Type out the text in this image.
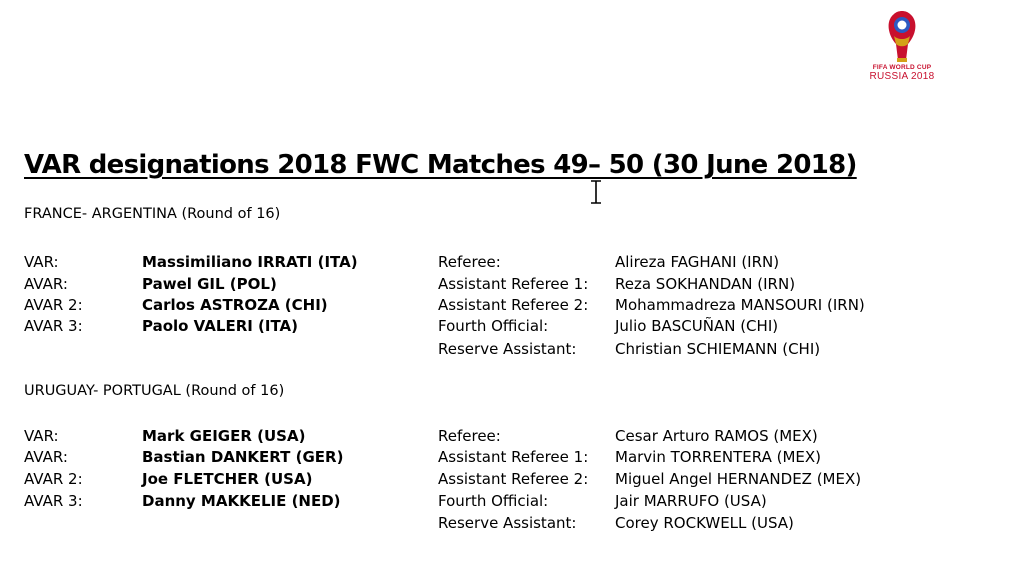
FIFA WORLD CUP
RUSSIA 2018
VAR designations 2018 FWC Matches 49– 50 (30 June 2018)
FRANCE- ARGENTINA (Round of 16)
VAR:	Massimiliano IRRATI (ITA)	Referee:	Alireza FAGHANI (IRN)
AVAR:	Pawel GIL (POL)	Assistant Referee 1: Reza SOKHANDAN (IRN)
AVAR 2:	Carlos ASTROZA (CHI)	Assistant Referee 2: Mohammadreza MANSOURI (IRN)
AVAR 3:	Paolo VALERI (ITA)	Fourth Official:	Julio BASCUÑAN (CHI)
Reserve Assistant:	Christian SCHIEMANN (CHI)
URUGUAY- PORTUGAL (Round of 16)
VAR:	Mark GEIGER (USA)	Referee:	Cesar Arturo RAMOS (MEX)
AVAR:	Bastian DANKERT (GER)	Assistant Referee 1: Marvin TORRENTERA (MEX)
AVAR 2:	Joe FLETCHER (USA)	Assistant Referee 2: Miguel Angel HERNANDEZ (MEX)
AVAR 3:	Danny MAKKELIE (NED)	Fourth Official:	Jair MARRUFO (USA)
Reserve Assistant:	Corey ROCKWELL (USA)
